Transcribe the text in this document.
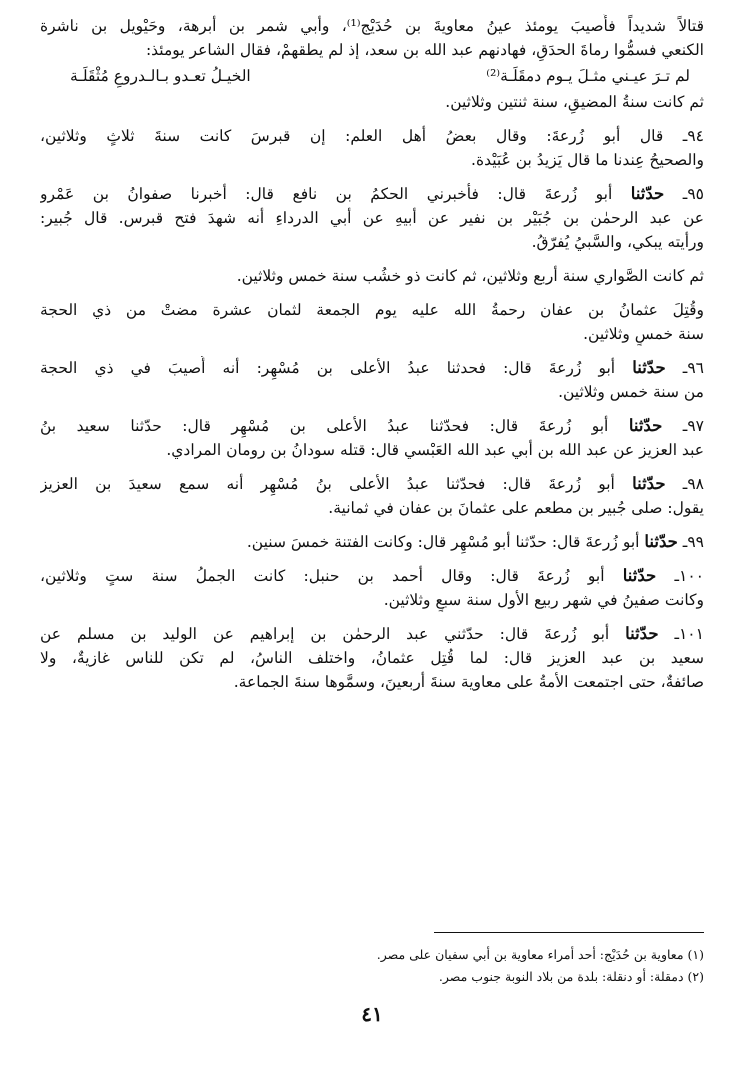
قتالاً شديداً فأُصيبَ يومئذ عينُ معاويةَ بن حُدَيْج⁽¹⁾، وأبي شمر بن أبرهة، وحَيْويل بن ناشرة
الكنعي فسمُّوا رماةَ الحدَقِ، فهادنهم عبد الله بن سعد، إذ لم يطقهمْ، فقال الشاعر يومئذ:
لم تـرَ عيـني مثـلَ يـوم دمقَلَـة⁽²⁾
الخيـلُ تعـدو بـالـدروعِ مُثْقَلَـة
ثم كانت سنةُ المضيقِ، سنة ثنتين وثلاثين.
٩٤ـ قال أبو زُرعةَ: وقال بعضُ أهل العلم: إن قبرسَ كانت سنةَ ثلاثٍ وثلاثين،
والصحيحُ عِندنا ما قال يَزيدُ بن عُبَيْدة.
٩٥ـ حدّثنا أبو زُرعةَ قال: فأخبرني الحكمُ بن نافع قال: أخبرنا صفوانُ بن عَمْرو
عن عبد الرحمٰن بن جُبَيْر بن نفير عن أبيهِ عن أبي الدرداءِ أنه شهدَ فتح قبرس. قال جُبير:
ورأيته يبكي، والسَّبيُ يُفرّقُ.
ثم كانت الصَّواري سنة أربع وثلاثين، ثم كانت ذو خشُب سنة خمس وثلاثين.
وقُتِلَ عثمانُ بن عفان رحمةُ الله عليه يوم الجمعة لثمان عشرة مضتْ من ذي الحجة
سنة خمسٍ وثلاثين.
٩٦ـ حدّثنا أبو زُرعةَ قال: فحدثنا عبدُ الأعلى بن مُسْهِر: أنه أُصيبَ في ذي الحجة
من سنة خمس وثلاثين.
٩٧ـ حدّثنا أبو زُرعةَ قال: فحدّثنا عبدُ الأعلى بن مُسْهِر قال: حدّثنا سعيد بنُ
عبد العزيز عن عبد الله بن أبي عبد الله العَبْسي قال: قتله سودانُ بن رومان المرادي.
٩٨ـ حدّثنا أبو زُرعةَ قال: فحدّثنا عبدُ الأعلى بنُ مُسْهِر أنه سمع سعيدَ بن العزيز
يقول: صلى جُبير بن مطعم على عثمانَ بن عفان في ثمانية.
٩٩ـ حدّثنا أبو زُرعةَ قال: حدّثنا أبو مُسْهِر قال: وكانت الفتنة خمسَ سنين.
١٠٠ـ حدّثنا أبو زُرعةَ قال: وقال أحمد بن حنبل: كانت الجملُ سنة ستٍ وثلاثين،
وكانت صفينُ في شهر ربيع الأول سنة سبعٍ وثلاثين.
١٠١ـ حدّثنا أبو زُرعةَ قال: حدّثني عبد الرحمٰن بن إبراهيم عن الوليد بن مسلم عن
سعيد بن عبد العزيز قال: لما قُتِل عثمانُ، واختلف الناسُ، لم تكن للناس غازيةٌ، ولا
صائفةٌ، حتى اجتمعت الأمةُ على معاوية سنةَ أربعينَ، وسمَّوها سنةَ الجماعة.
(١) معاوية بن حُدَيْج: أحد أمراء معاوية بن أبي سفيان على مصر.
(٢) دمقلة: أو دنقلة: بلدة من بلاد النوبة جنوب مصر.
٤١
